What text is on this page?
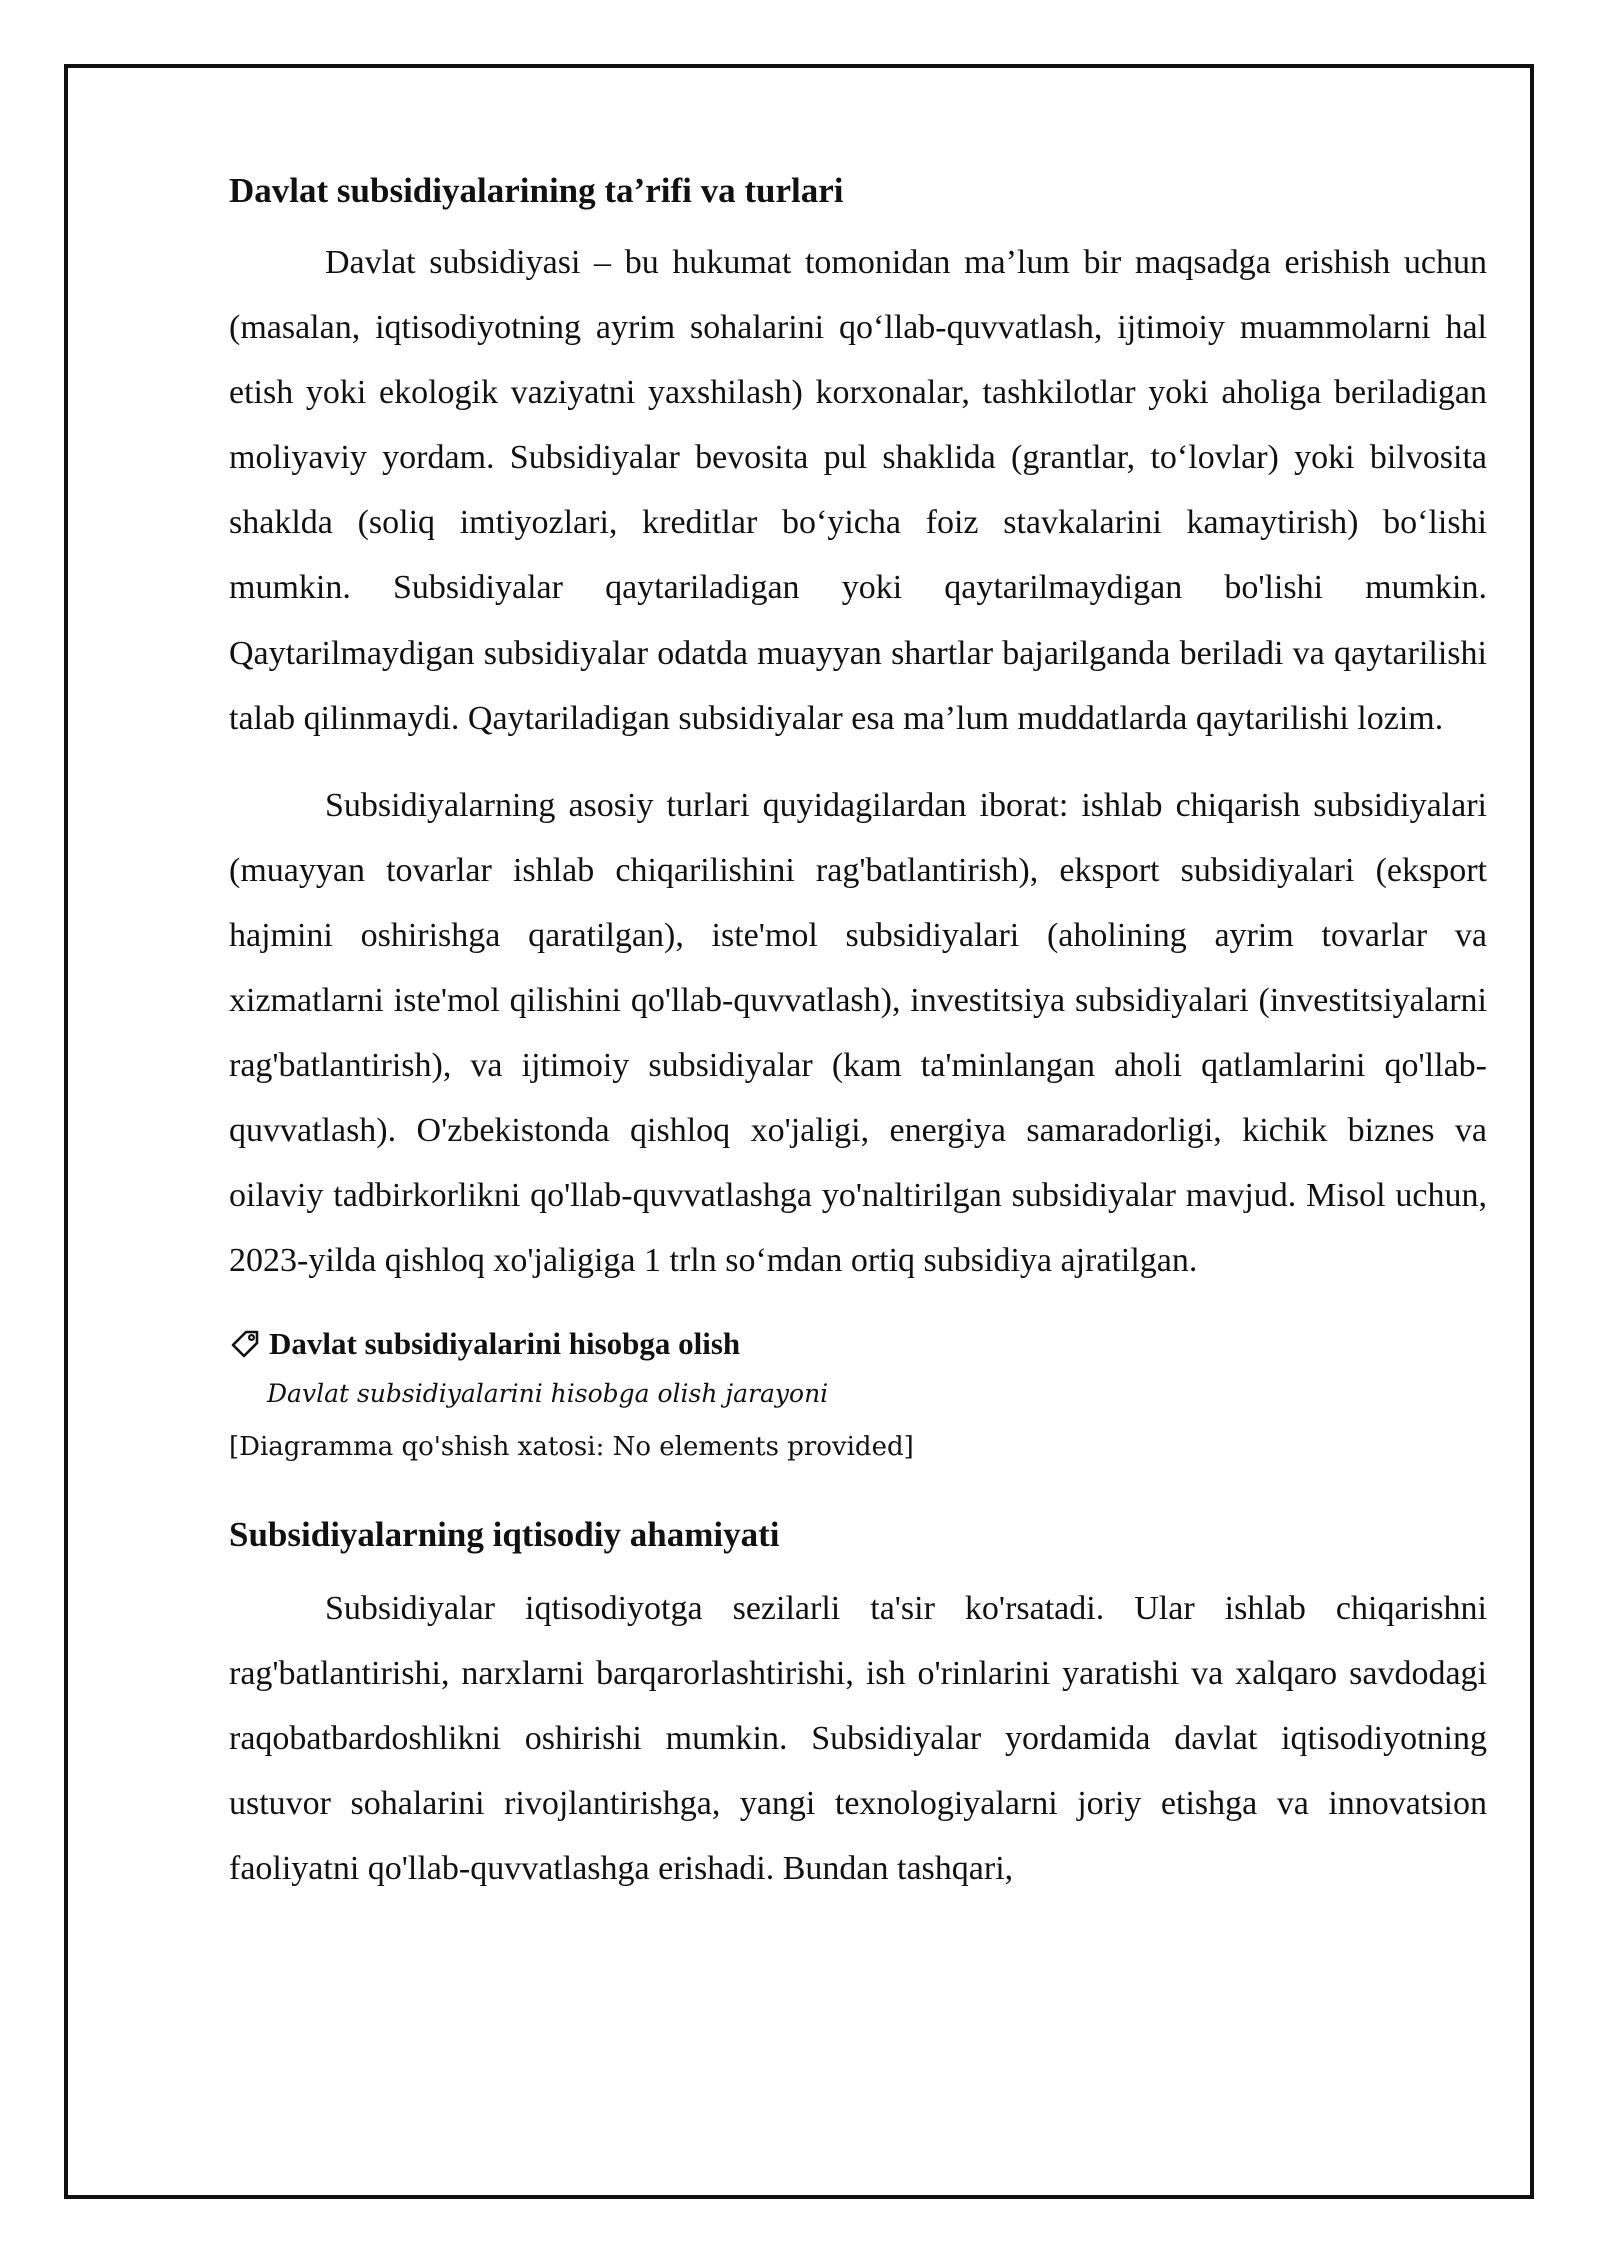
Davlat subsidiyalarining ta’rifi va turlari

Davlat subsidiyasi – bu hukumat tomonidan ma’lum bir maqsadga erishish uchun (masalan, iqtisodiyotning ayrim sohalarini qo‘llab-quvvatlash, ijtimoiy muammolarni hal etish yoki ekologik vaziyatni yaxshilash) korxonalar, tashkilotlar yoki aholiga beriladigan moliyaviy yordam. Subsidiyalar bevosita pul shaklida (grantlar, to‘lovlar) yoki bilvosita shaklda (soliq imtiyozlari, kreditlar bo‘yicha foiz stavkalarini kamaytirish) bo‘lishi mumkin. Subsidiyalar qaytariladigan yoki qaytarilmaydigan bo'lishi mumkin. Qaytarilmaydigan subsidiyalar odatda muayyan shartlar bajarilganda beriladi va qaytarilishi talab qilinmaydi. Qaytariladigan subsidiyalar esa ma’lum muddatlarda qaytarilishi lozim.

Subsidiyalarning asosiy turlari quyidagilardan iborat: ishlab chiqarish subsidiyalari (muayyan tovarlar ishlab chiqarilishini rag'batlantirish), eksport subsidiyalari (eksport hajmini oshirishga qaratilgan), iste'mol subsidiyalari (aholining ayrim tovarlar va xizmatlarni iste'mol qilishini qo'llab-quvvatlash), investitsiya subsidiyalari (investitsiyalarni rag'batlantirish), va ijtimoiy subsidiyalar (kam ta'minlangan aholi qatlamlarini qo'llab-quvvatlash). O'zbekistonda qishloq xo'jaligi, energiya samaradorligi, kichik biznes va oilaviy tadbirkorlikni qo'llab-quvvatlashga yo'naltirilgan subsidiyalar mavjud. Misol uchun, 2023-yilda qishloq xo'jaligiga 1 trln so‘mdan ortiq subsidiya ajratilgan.

Davlat subsidiyalarini hisobga olish
Davlat subsidiyalarini hisobga olish jarayoni
[Diagramma qo'shish xatosi: No elements provided]
Subsidiyalarning iqtisodiy ahamiyati

Subsidiyalar iqtisodiyotga sezilarli ta'sir ko'rsatadi. Ular ishlab chiqarishni rag'batlantirishi, narxlarni barqarorlashtirishi, ish o'rinlarini yaratishi va xalqaro savdodagi raqobatbardoshlikni oshirishi mumkin. Subsidiyalar yordamida davlat iqtisodiyotning ustuvor sohalarini rivojlantirishga, yangi texnologiyalarni joriy etishga va innovatsion faoliyatni qo'llab-quvvatlashga erishadi. Bundan tashqari,
